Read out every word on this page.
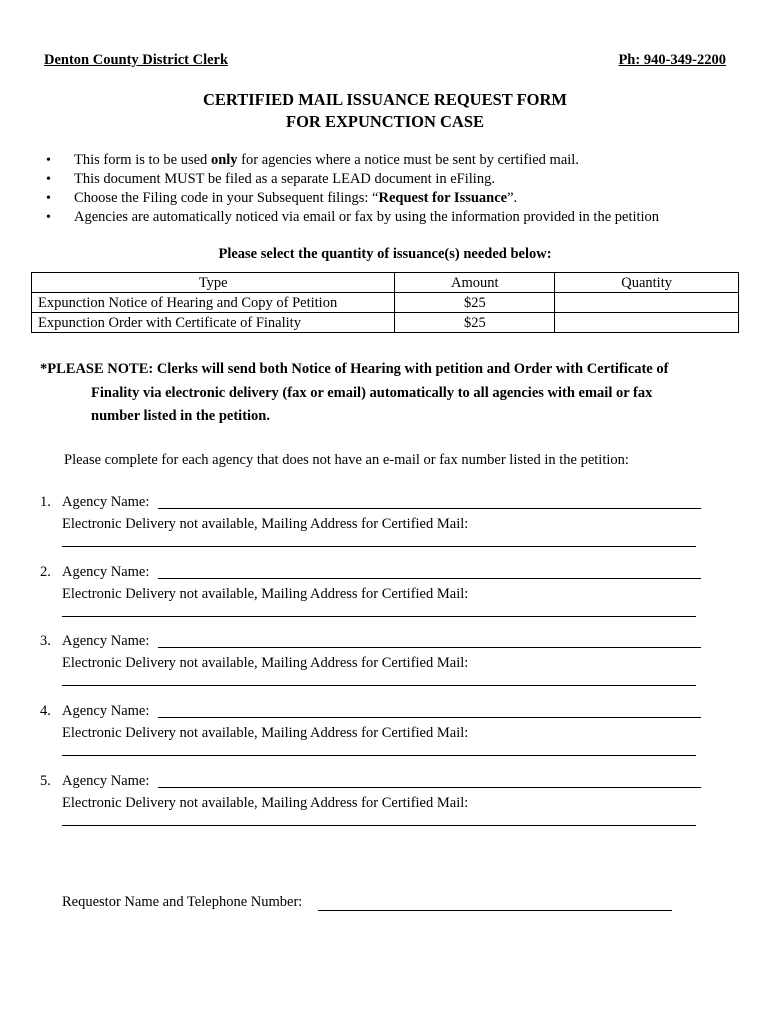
Denton County District Clerk	Ph: 940-349-2200
CERTIFIED MAIL ISSUANCE REQUEST FORM
FOR EXPUNCTION CASE
• This form is to be used only for agencies where a notice must be sent by certified mail.
• This document MUST be filed as a separate LEAD document in eFiling.
• Choose the Filing code in your Subsequent filings: “Request for Issuance”.
• Agencies are automatically noticed via email or fax by using the information provided in the petition
Please select the quantity of issuance(s) needed below:
Type	Amount	Quantity
Expunction Notice of Hearing and Copy of Petition	$25	
Expunction Order with Certificate of Finality	$25	
*PLEASE NOTE: Clerks will send both Notice of Hearing with petition and Order with Certificate of
Finality via electronic delivery (fax or email) automatically to all agencies with email or fax
number listed in the petition.
Please complete for each agency that does not have an e-mail or fax number listed in the petition:
1. Agency Name:
Electronic Delivery not available, Mailing Address for Certified Mail:
2. Agency Name:
Electronic Delivery not available, Mailing Address for Certified Mail:
3. Agency Name:
Electronic Delivery not available, Mailing Address for Certified Mail:
4. Agency Name:
Electronic Delivery not available, Mailing Address for Certified Mail:
5. Agency Name:
Electronic Delivery not available, Mailing Address for Certified Mail:
Requestor Name and Telephone Number:
